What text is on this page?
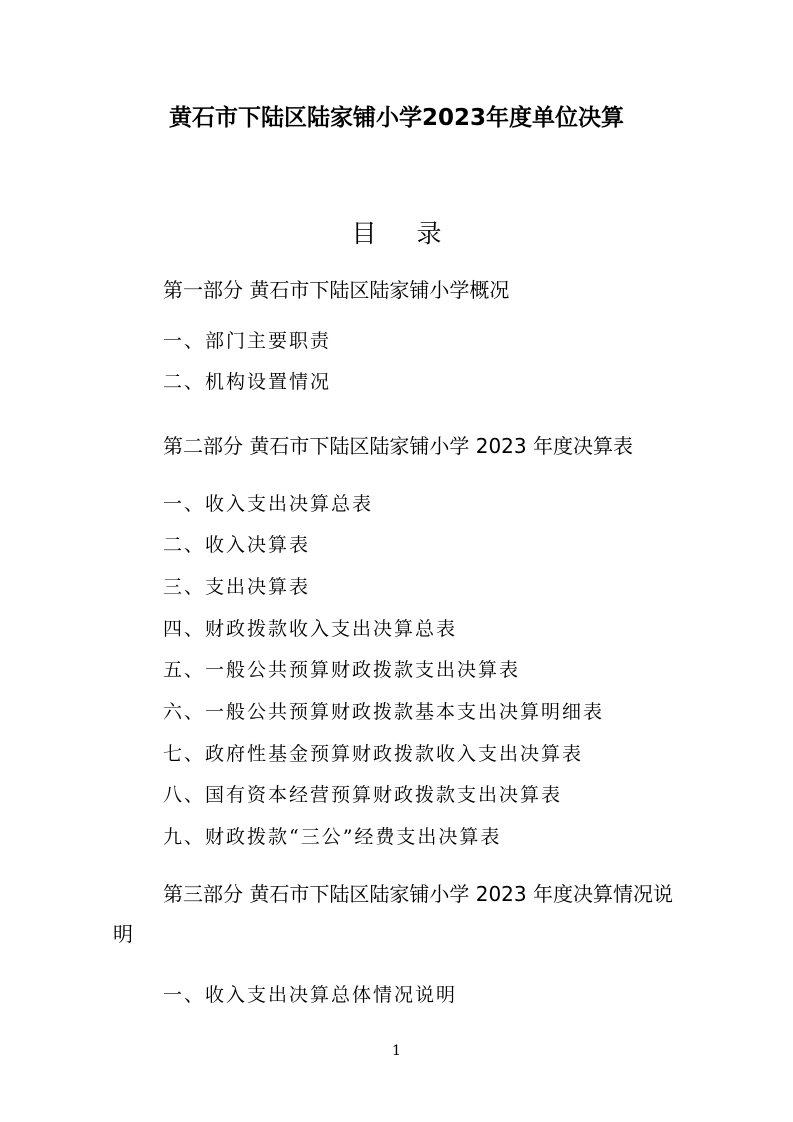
黄石市下陆区陆家铺小学2023年度单位决算
目 录
第一部分 黄石市下陆区陆家铺小学概况
一、部门主要职责
二、机构设置情况
第二部分 黄石市下陆区陆家铺小学 2023 年度决算表
一、收入支出决算总表
二、收入决算表
三、支出决算表
四、财政拨款收入支出决算总表
五、一般公共预算财政拨款支出决算表
六、一般公共预算财政拨款基本支出决算明细表
七、政府性基金预算财政拨款收入支出决算表
八、国有资本经营预算财政拨款支出决算表
九、财政拨款“三公”经费支出决算表
第三部分 黄石市下陆区陆家铺小学 2023 年度决算情况说明
一、收入支出决算总体情况说明
1
